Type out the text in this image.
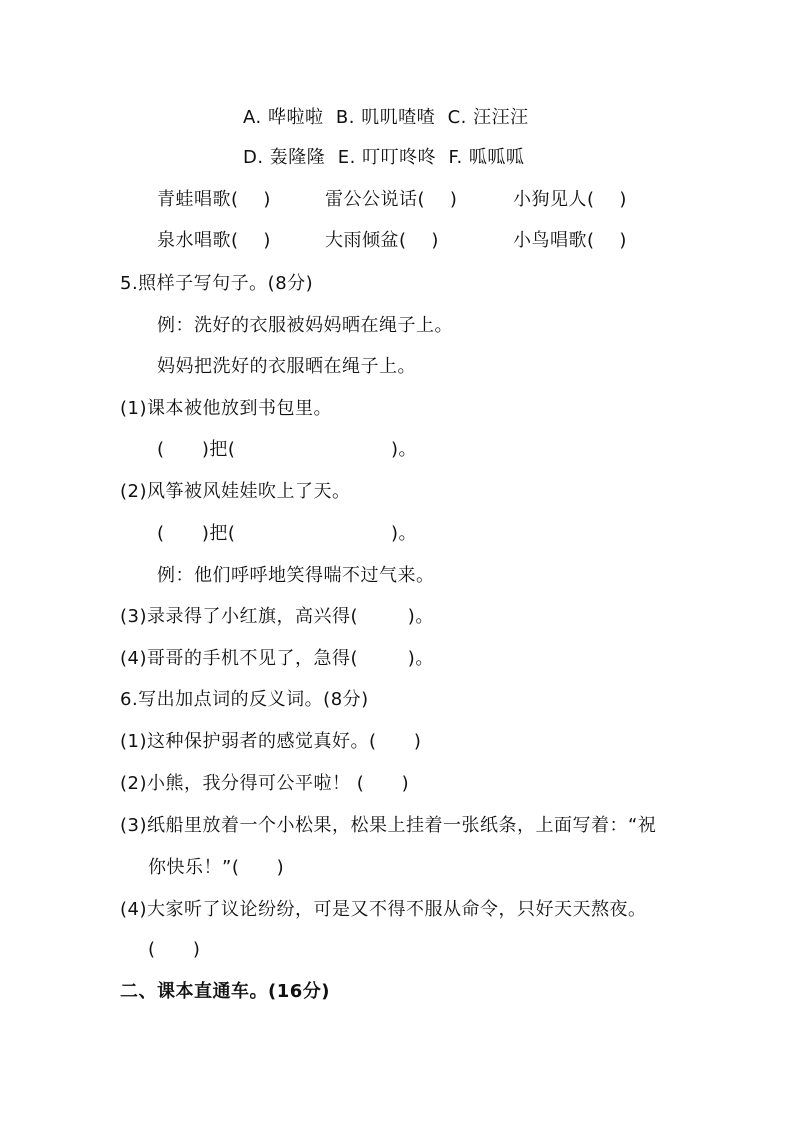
A. 哗啦啦  B. 叽叽喳喳  C. 汪汪汪
D. 轰隆隆  E. 叮叮咚咚  F. 呱呱呱
青蛙唱歌(    )	雷公公说话(    )	小狗见人(    )
泉水唱歌(    )	大雨倾盆(    )	小鸟唱歌(    )
5.照样子写句子。(8分)
例：洗好的衣服被妈妈晒在绳子上。
妈妈把洗好的衣服晒在绳子上。
(1)课本被他放到书包里。
(      )把(                         )。
(2)风筝被风娃娃吹上了天。
(      )把(                         )。
例：他们呼呼地笑得喘不过气来。
(3)录录得了小红旗，高兴得(        )。
(4)哥哥的手机不见了，急得(        )。
6.写出加点词的反义词。(8分)
(1)这种保护弱者的感觉真好。(      )
(2)小熊，我分得可公平啦！ (      )
(3)纸船里放着一个小松果，松果上挂着一张纸条，上面写着：“祝
你快乐！”(      )
(4)大家听了议论纷纷，可是又不得不服从命令，只好天天熬夜。
(      )
二、课本直通车。(16分)
